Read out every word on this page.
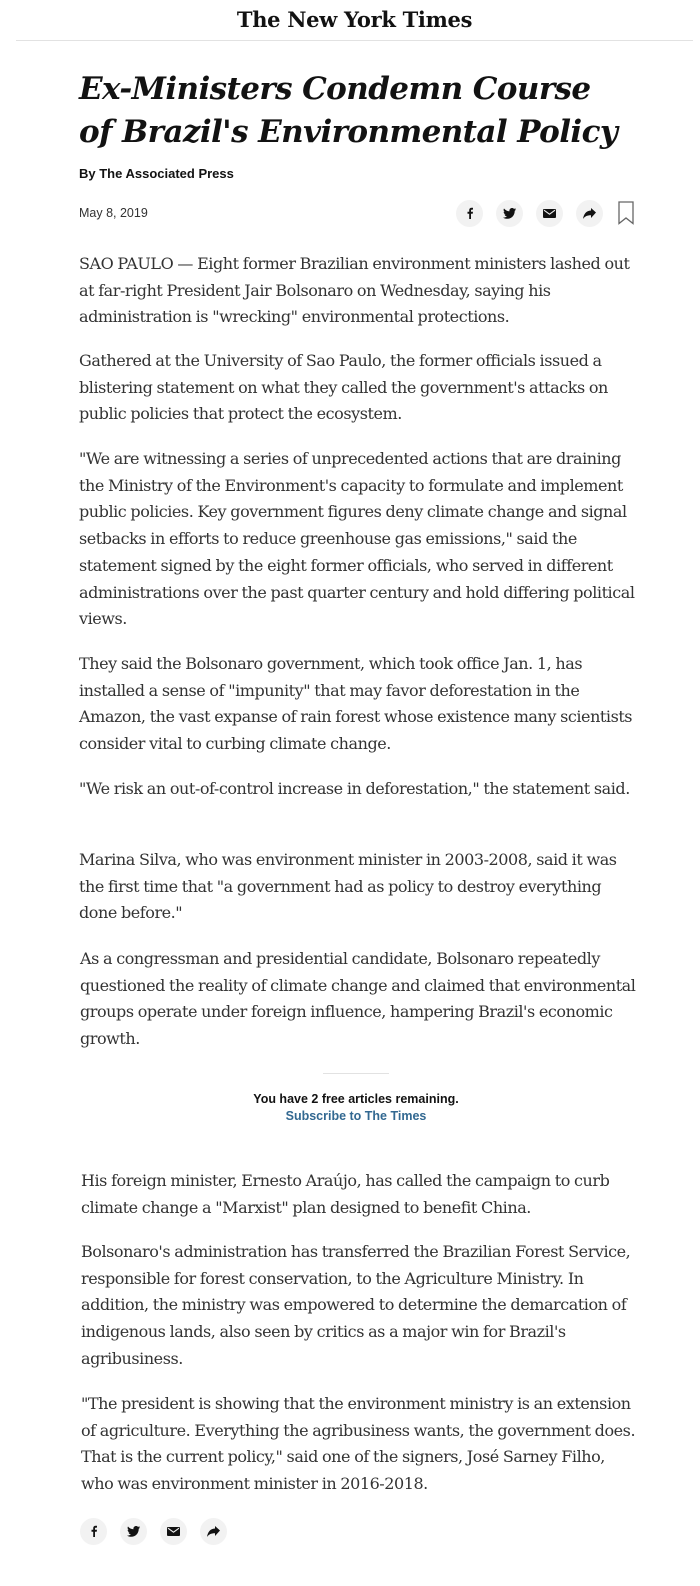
The New York Times
Ex-Ministers Condemn Course
of Brazil's Environmental Policy
By The Associated Press
May 8, 2019

SAO PAULO — Eight former Brazilian environment ministers lashed out at far-right President Jair Bolsonaro on Wednesday, saying his administration is "wrecking" environmental protections.

Gathered at the University of Sao Paulo, the former officials issued a blistering statement on what they called the government's attacks on public policies that protect the ecosystem.

"We are witnessing a series of unprecedented actions that are draining the Ministry of the Environment's capacity to formulate and implement public policies. Key government figures deny climate change and signal setbacks in efforts to reduce greenhouse gas emissions," said the statement signed by the eight former officials, who served in different administrations over the past quarter century and hold differing political views.

They said the Bolsonaro government, which took office Jan. 1, has installed a sense of "impunity" that may favor deforestation in the Amazon, the vast expanse of rain forest whose existence many scientists consider vital to curbing climate change.

"We risk an out-of-control increase in deforestation," the statement said.

Marina Silva, who was environment minister in 2003-2008, said it was the first time that "a government had as policy to destroy everything done before."

As a congressman and presidential candidate, Bolsonaro repeatedly questioned the reality of climate change and claimed that environmental groups operate under foreign influence, hampering Brazil's economic growth.

You have 2 free articles remaining.
Subscribe to The Times

His foreign minister, Ernesto Araújo, has called the campaign to curb climate change a "Marxist" plan designed to benefit China.

Bolsonaro's administration has transferred the Brazilian Forest Service, responsible for forest conservation, to the Agriculture Ministry. In addition, the ministry was empowered to determine the demarcation of indigenous lands, also seen by critics as a major win for Brazil's agribusiness.

"The president is showing that the environment ministry is an extension of agriculture. Everything the agribusiness wants, the government does. That is the current policy," said one of the signers, José Sarney Filho, who was environment minister in 2016-2018.
